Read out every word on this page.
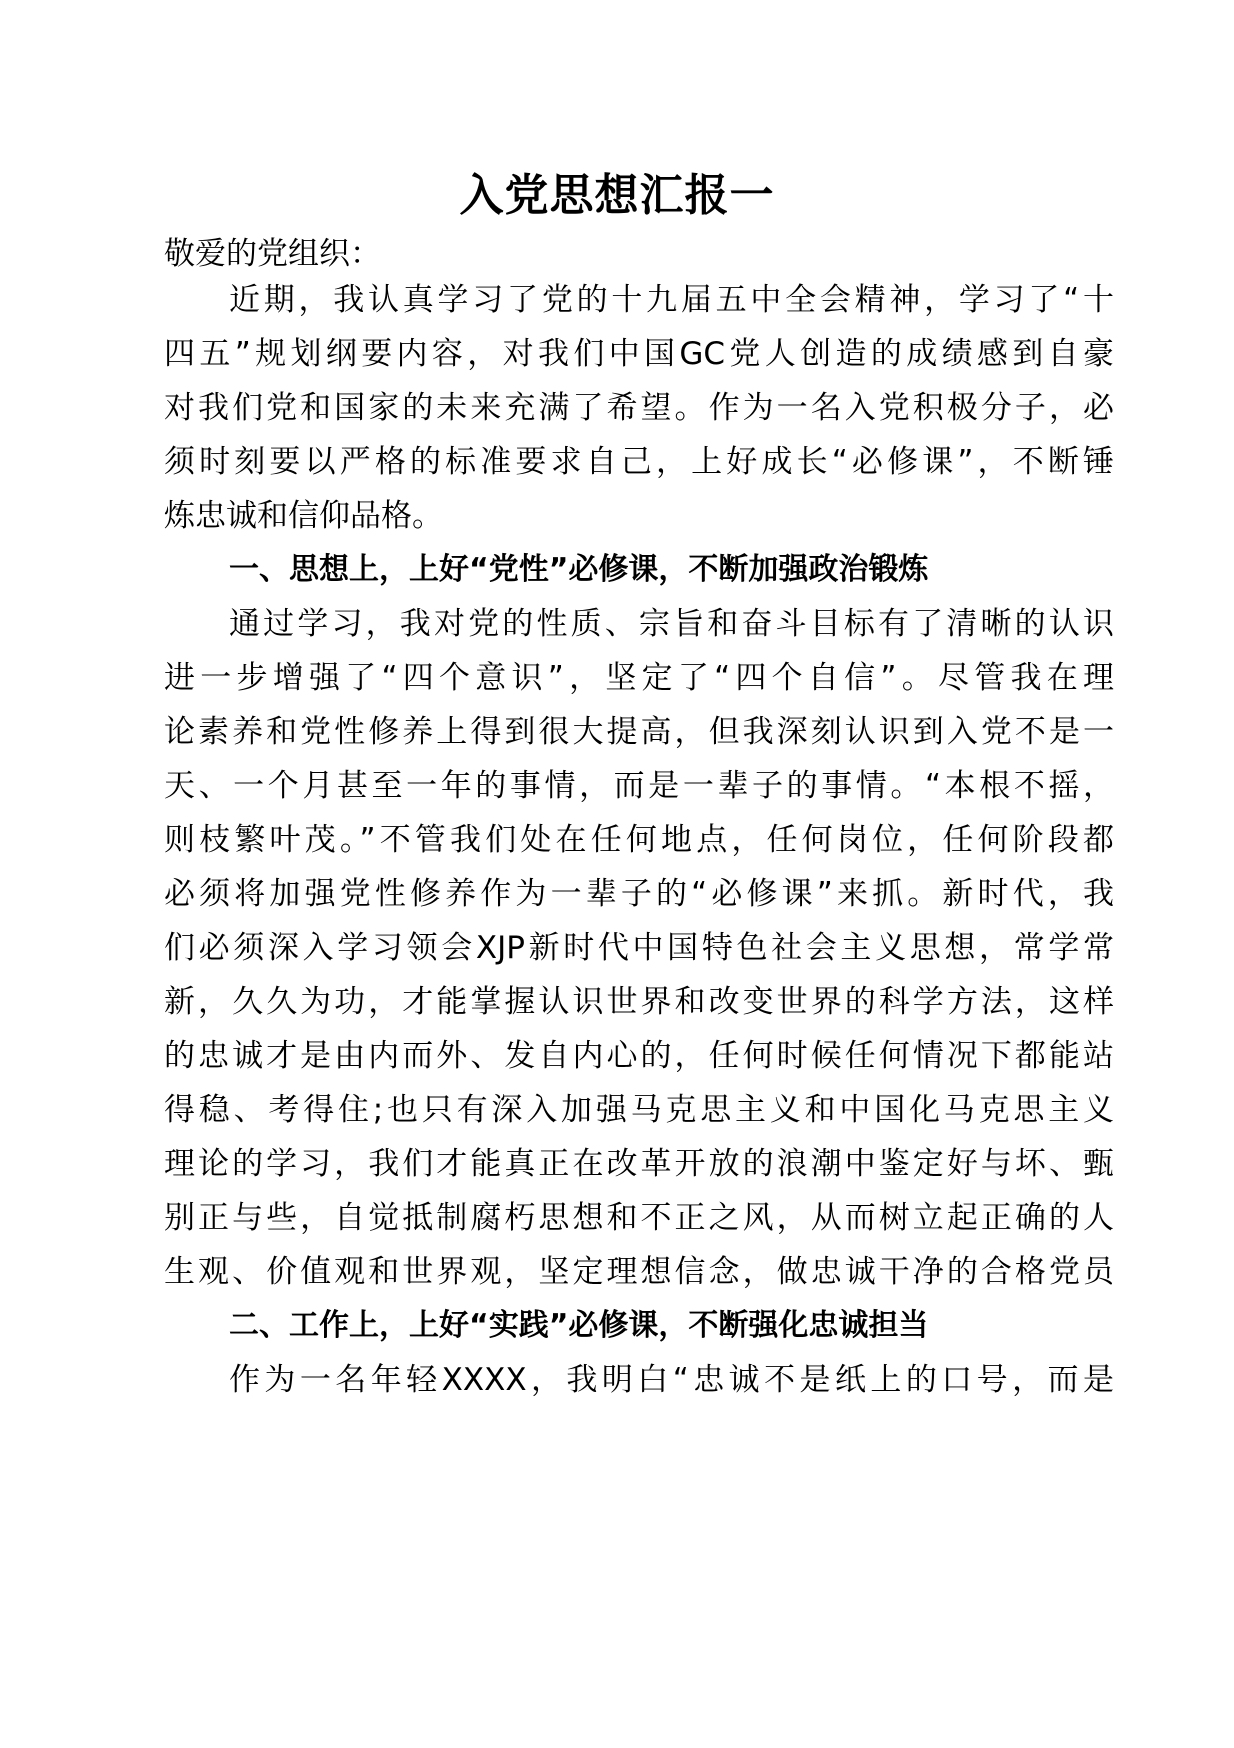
入党思想汇报一

敬爱的党组织：

近期，我认真学习了党的十九届五中全会精神，学习了“十

四五”规划纲要内容，对我们中国GC党人创造的成绩感到自豪

对我们党和国家的未来充满了希望。作为一名入党积极分子，必

须时刻要以严格的标准要求自己，上好成长“必修课”，不断锤

炼忠诚和信仰品格。

一、思想上，上好“党性”必修课，不断加强政治锻炼

通过学习，我对党的性质、宗旨和奋斗目标有了清晰的认识

进一步增强了“四个意识”，坚定了“四个自信”。尽管我在理

论素养和党性修养上得到很大提高，但我深刻认识到入党不是一

天、一个月甚至一年的事情，而是一辈子的事情。“本根不摇，

则枝繁叶茂。”不管我们处在任何地点，任何岗位，任何阶段都

必须将加强党性修养作为一辈子的“必修课”来抓。新时代，我

们必须深入学习领会XJP新时代中国特色社会主义思想，常学常

新，久久为功，才能掌握认识世界和改变世界的科学方法，这样

的忠诚才是由内而外、发自内心的，任何时候任何情况下都能站

得稳、考得住;也只有深入加强马克思主义和中国化马克思主义

理论的学习，我们才能真正在改革开放的浪潮中鉴定好与坏、甄

别正与些，自觉抵制腐朽思想和不正之风，从而树立起正确的人

生观、价值观和世界观，坚定理想信念，做忠诚干净的合格党员

二、工作上，上好“实践”必修课，不断强化忠诚担当

作为一名年轻XXXX，我明白“忠诚不是纸上的口号，而是
